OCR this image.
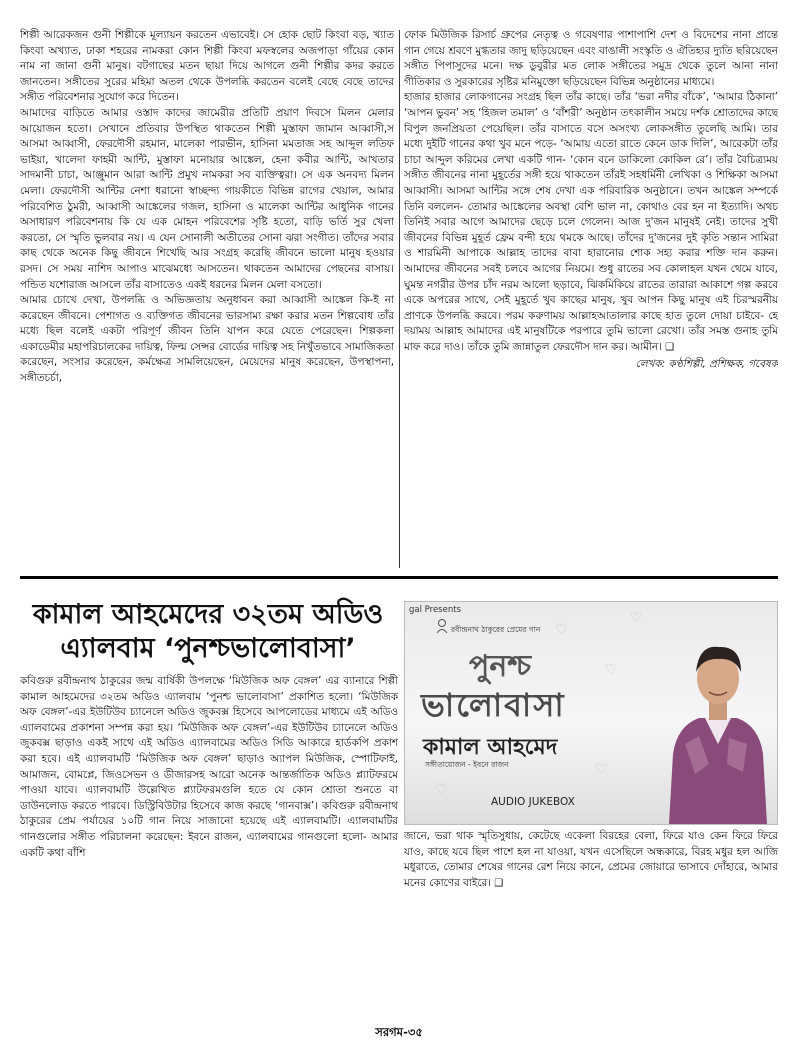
শিল্পী আরেকজন গুনী শিল্পীকে মূল্যায়ন করতেন এভাবেই। সে হোক ছোট কিংবা বড়, খ্যাত কিংবা অখ্যাত, ঢাকা শহরের নামকরা কোন শিল্পী কিংবা মফস্বলের অজপাড়া গাঁয়ের কোন নাম না জানা গুনী মানুষ। বটগাছের মতন ছায়া দিয়ে আগলে গুনী শিল্পীর কদর করতে জানতেন। সঙ্গীতের সুরের মহিমা অতল থেকে উপলব্ধি করতেন বলেই বেছে বেছে তাদের সঙ্গীত পরিবেশনার সুযোগ করে দিতেন।

আমাদের বাড়িতে আমার ওস্তাদ কাদের জামেরীর প্রতিটি প্রয়াণ দিবসে মিলন মেলার আয়োজন হতো। সেখানে প্রতিবার উপস্থিত থাকতেন শিল্পী মুস্তাফা জামান আব্বাসী,স আসমা আব্বাসী, ফেরদৌসী রহমান, মালেকা পারভীন, হাসিনা মমতাজ সহ আব্দুল লতিফ ভাইয়া, খালেদা ফাহমী আন্টি, মুস্তাফা মনোয়ার আঙ্কেল, হেনা কবীর আন্টি, আখতার সাদমানী চাচা, আঞ্জুমান আরা আন্টি প্রমুখ নামকরা সব ব্যক্তিত্বরা। সে এক অনবদ্য মিলন মেলা। ফেরদৌসী আন্টির নেশা ধরানো স্বাচ্ছন্দ্য গায়কীতে বিভিন্ন রাগের খেয়াল, আমার পরিবেশিত ঠুমরী, আব্বাসী আঙ্কেলের গজল, হাসিনা ও মালেকা আন্টির আধুনিক গানের অসাধারণ পরিবেশনায় কি যে এক মোহন পরিবেশের সৃষ্টি হতো, বাড়ি ভর্তি সুর খেলা করতো, সে স্মৃতি ভুলবার নয়। এ যেন সোনালী অতীতের সোনা ঝরা সংগীত। তাঁদের সবার কাছ থেকে অনেক কিছু জীবনে শিখেছি আর সংগ্রহ করেছি জীবনে ভালো মানুষ হওয়ার রসদ। সে সময় নাশিদ আপাও মাঝেমধ্যে আসতেন। থাকতেন আমাদের পেছনের বাসায়। পন্ডিত যশোরাজ আসলে তাঁর বাসাতেও একই ধরনের মিলন মেলা বসতো।

আমার চোখে দেখা, উপলব্ধি ও অভিজ্ঞতায় অনুধাবন করা আব্বাসী আঙ্কেল কি-ই না করেছেন জীবনে। পেশাগত ও ব্যক্তিগত জীবনের ভারসাম্য রক্ষা করার মতন শিল্পবোধ তাঁর মধ্যে ছিল বলেই একটা পরিপূর্ণ জীবন তিনি যাপন করে যেতে পেরেছেন। শিল্পকলা একাডেমীর মহাপরিচালকের দায়িত্ব, ফিল্ম সেন্সর বোর্ডের দায়িত্ব সহ নিখুঁতভাবে সামাজিকতা করেছেন, সংসার করেছেন, কর্মক্ষেত্র সামলিয়েছেন, মেয়েদের মানুষ করেছেন, উপস্থাপনা, সঙ্গীতচর্চা,

ফোক মিউজিক রিসার্চ গ্রুপের নেতৃত্ব ও গবেষণার পাশাপাশি দেশ ও বিদেশের নানা প্রান্তে গান গেয়ে শ্রবণে মুগ্ধতার জাদু ছড়িয়েছেন এবং বাঙালী সংস্কৃতি ও ঐতিহ্যর দ্যুতি ছরিয়েছেন সঙ্গীত পিপাসুদের মনে। দক্ষ ডুবুরীর মত লোক সঙ্গীতের সমুদ্র থেকে তুলে আনা নানা গীতিকার ও সুরকারের সৃষ্টির মনিমুক্তো ছড়িয়েছেন বিভিন্ন অনুষ্ঠানের মাধ্যমে।

হাজার হাজার লোকগানের সংগ্রহ ছিল তাঁর কাছে। তাঁর ‘ভরা নদীর বাঁকে’, ‘আমার ঠিকানা’ ‘আপন ভুবন’ সহ ‘হিজল তমাল’ ও ‘বাঁশরী’ অনুষ্ঠান তৎকালীন সময়ে দর্শক শ্রোতাদের কাছে বিপুল জনপ্রিয়তা পেয়েছিল। তাঁর বাসাতে বসে অসংখ্য লোকসঙ্গীত তুলেছি আমি। তার মধ্যে দুইটি গানের কথা খুব মনে পড়ে- ‘আমায় এতো রাতে কেনে ডাক দিলি’, আরেকটা তাঁর চাচা আব্দুল করিমের লেখা একটি গান- ‘কোন বনে ডাকিলো কোকিল রে’। তাঁর বৈচিত্র্যময় সঙ্গীত জীবনের নানা মুহূর্তের সঙ্গী হয়ে থাকতেন তাঁরই সহধর্মিনী লেখিকা ও শিক্ষিকা আসমা আব্বাসী। আসমা আন্টির সঙ্গে শেষ দেখা এক পরিবারিক অনুষ্ঠানে। তখন আঙ্কেল সম্পর্কে তিনি বললেন- তোমার আঙ্কেলের অবস্থা বেশি ভাল না, কোথাও বের হন না ইত্যাদি। অথচ তিনিই সবার আগে আমাদের ছেড়ে চলে গেলেন। আজ দু'জন মানুষই নেই। তাদের সুখী জীবনের বিভিন্ন মুহূর্ত ফ্রেম বন্দী হয়ে থমকে আছে। তাঁদের দু'জনের দুই কৃতি সন্তান সামিরা ও শারমিনী আপাকে আল্লাহ তাদের বাবা হারানোর শোক সহ্য করার শক্তি দান করুন। আমাদের জীবনের সবই চলবে আগের নিয়মে। শুধু রাতের সব কোলাহল যখন থেমে যাবে, ঘুমন্ত নগরীর উপর চাঁদ নরম আলো ছড়াবে, ঝিকমিকিয়ে রাতের তারারা আকাশে গল্প করবে একে অপরের সাথে, সেই মুহূর্তে খুব কাছের মানুষ, খুব আপন কিছু মানুষ এই চিরস্মরনীয় প্রাণকে উপলব্ধি করবে। পরম করুণাময় আল্লাহআতালার কাছে হাত তুলে দোয়া চাইবে- হে দয়াময় আল্লাহ আমাদের এই মানুষটিকে পরপারে তুমি ভালো রেখো। তাঁর সমস্ত গুনাহ তুমি মাফ করে দাও। তাঁকে তুমি জান্নাতুল ফেরদৌস দান কর। আমীন। ❑

লেখক: কণ্ঠশিল্পী, প্রশিক্ষক, গবেষক

কামাল আহমেদের ৩২তম অডিও
এ্যালবাম ‘পুনশ্চভালোবাসা’

কবিগুরু রবীন্দ্রনাথ ঠাকুরের জন্ম বার্ষিকী উপলক্ষে ‘মিউজিক অফ বেঙ্গল’ এর ব্যানারে শিল্পী কামাল আহমেদের ৩২তম অডিও এ্যালবাম ‘পুনশ্চ ভালোবাসা’ প্রকাশিত হলো। ‘মিউজিক অফ বেঙ্গল’-এর ইউটিউব চ্যানেলে অডিও জুকবক্স হিসেবে আপলোডের মাধ্যমে এই অডিও এ্যালবামের প্রকাশনা সম্পন্ন করা হয়। ‘মিউজিক অফ বেঙ্গল’-এর ইউটিউব চ্যানেলে অডিও জুকবক্স ছাড়াও একই সাথে এই অডিও এ্যালবামের অডিও সিডি আকারে হার্ডকপি প্রকাশ করা হবে। এই এ্যালবামটি ‘মিউজিক অফ বেঙ্গল’ ছাড়াও অ্যাপল মিউজিক, স্পোটিফাই, আমাজন, বোমপ্লে, জিওসেভন ও ডীজারসহ আরো অনেক আন্তর্জাতিক অডিও প্ল্যাটফরমে পাওয়া যাবে। এ্যালবামটি উল্লেখিত প্ল্যাটফরমগুলি হতে যে কোন শ্রোতা শুনতে বা ডাউনলোড করতে পারবে। ডিস্ট্রিবিউটার হিসেবে কাজ করছে ‘গানবাক্স’। কবিগুরু রবীন্দ্রনাথ ঠাকুরের প্রেম পর্যায়ের ১০টি গান নিয়ে সাজানো হয়েছে এই এ্যালবামটি। এ্যালবামটির গানগুলোর সঙ্গীত পরিচালনা করেছেন: ইবনে রাজন, এ্যালবামের গানগুলো হলো- আমার একটি কথা বাঁশি

♡
♡
♡
♡
♡
gal Presents
রবীন্দ্রনাথ ঠাকুরের প্রেমের গান
পুনশ্চ
ভালোবাসা
কামাল আহমেদ
সঙ্গীতায়োজন - ইবনে রাজন
AUDIO JUKEBOX

জানে, ভরা থাক স্মৃতিসুধায়, কেটেছে একেলা বিরহের বেলা, ফিরে যাও কেন ফিরে ফিরে যাও, কাছে যবে ছিল পাশে হল না যাওয়া, যখন এসেছিলে অন্ধকারে, বিরহ মধুর হল আজি মধুরাতে, তোমার শেষের গানের রেশ নিয়ে কানে, প্রেমের জোয়ারে ভাসাবে দোঁহারে, আমার মনের কোণের বাইরে। ❑

সরগম-৩৫
